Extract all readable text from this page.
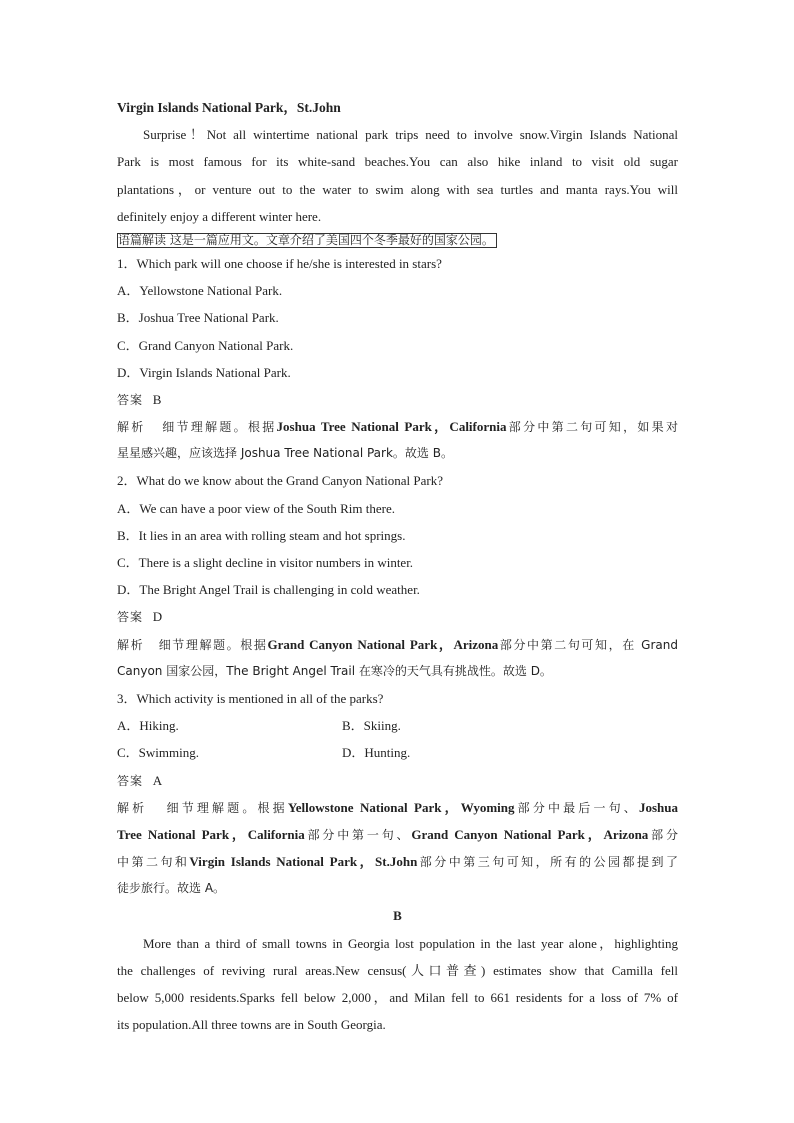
Virgin Islands National Park，St.John
Surprise！Not all wintertime national park trips need to involve snow.Virgin Islands National
Park is most famous for its white-sand beaches.You can also hike inland to visit old sugar
plantations，or venture out to the water to swim along with sea turtles and manta rays.You will
definitely enjoy a different winter here.
语篇解读 这是一篇应用文。文章介绍了美国四个冬季最好的国家公园。
1．Which park will one choose if he/she is interested in stars?
A．Yellowstone National Park.
B．Joshua Tree National Park.
C．Grand Canyon National Park.
D．Virgin Islands National Park.
答案 B
解析 细节理解题。根据Joshua Tree National Park，California部分中第二句可知，如果对
星星感兴趣，应该选择 Joshua Tree National Park。故选 B。
2．What do we know about the Grand Canyon National Park?
A．We can have a poor view of the South Rim there.
B．It lies in an area with rolling steam and hot springs.
C．There is a slight decline in visitor numbers in winter.
D．The Bright Angel Trail is challenging in cold weather.
答案 D
解析 细节理解题。根据Grand Canyon National Park，Arizona部分中第二句可知，在 Grand
Canyon 国家公园，The Bright Angel Trail 在寒冷的天气具有挑战性。故选 D。
3．Which activity is mentioned in all of the parks?
A．Hiking.	B．Skiing.
C．Swimming.	D．Hunting.
答案 A
解析 细节理解题。根据Yellowstone National Park，Wyoming部分中最后一句、Joshua
Tree National Park，California部分中第一句、Grand Canyon National Park，Arizona部分
中第二句和Virgin Islands National Park，St.John部分中第三句可知，所有的公园都提到了
徒步旅行。故选 A。
B
More than a third of small towns in Georgia lost population in the last year alone，highlighting
the challenges of reviving rural areas.New census(人口普查) estimates show that Camilla fell
below 5,000 residents.Sparks fell below 2,000，and Milan fell to 661 residents for a loss of 7% of
its population.All three towns are in South Georgia.
